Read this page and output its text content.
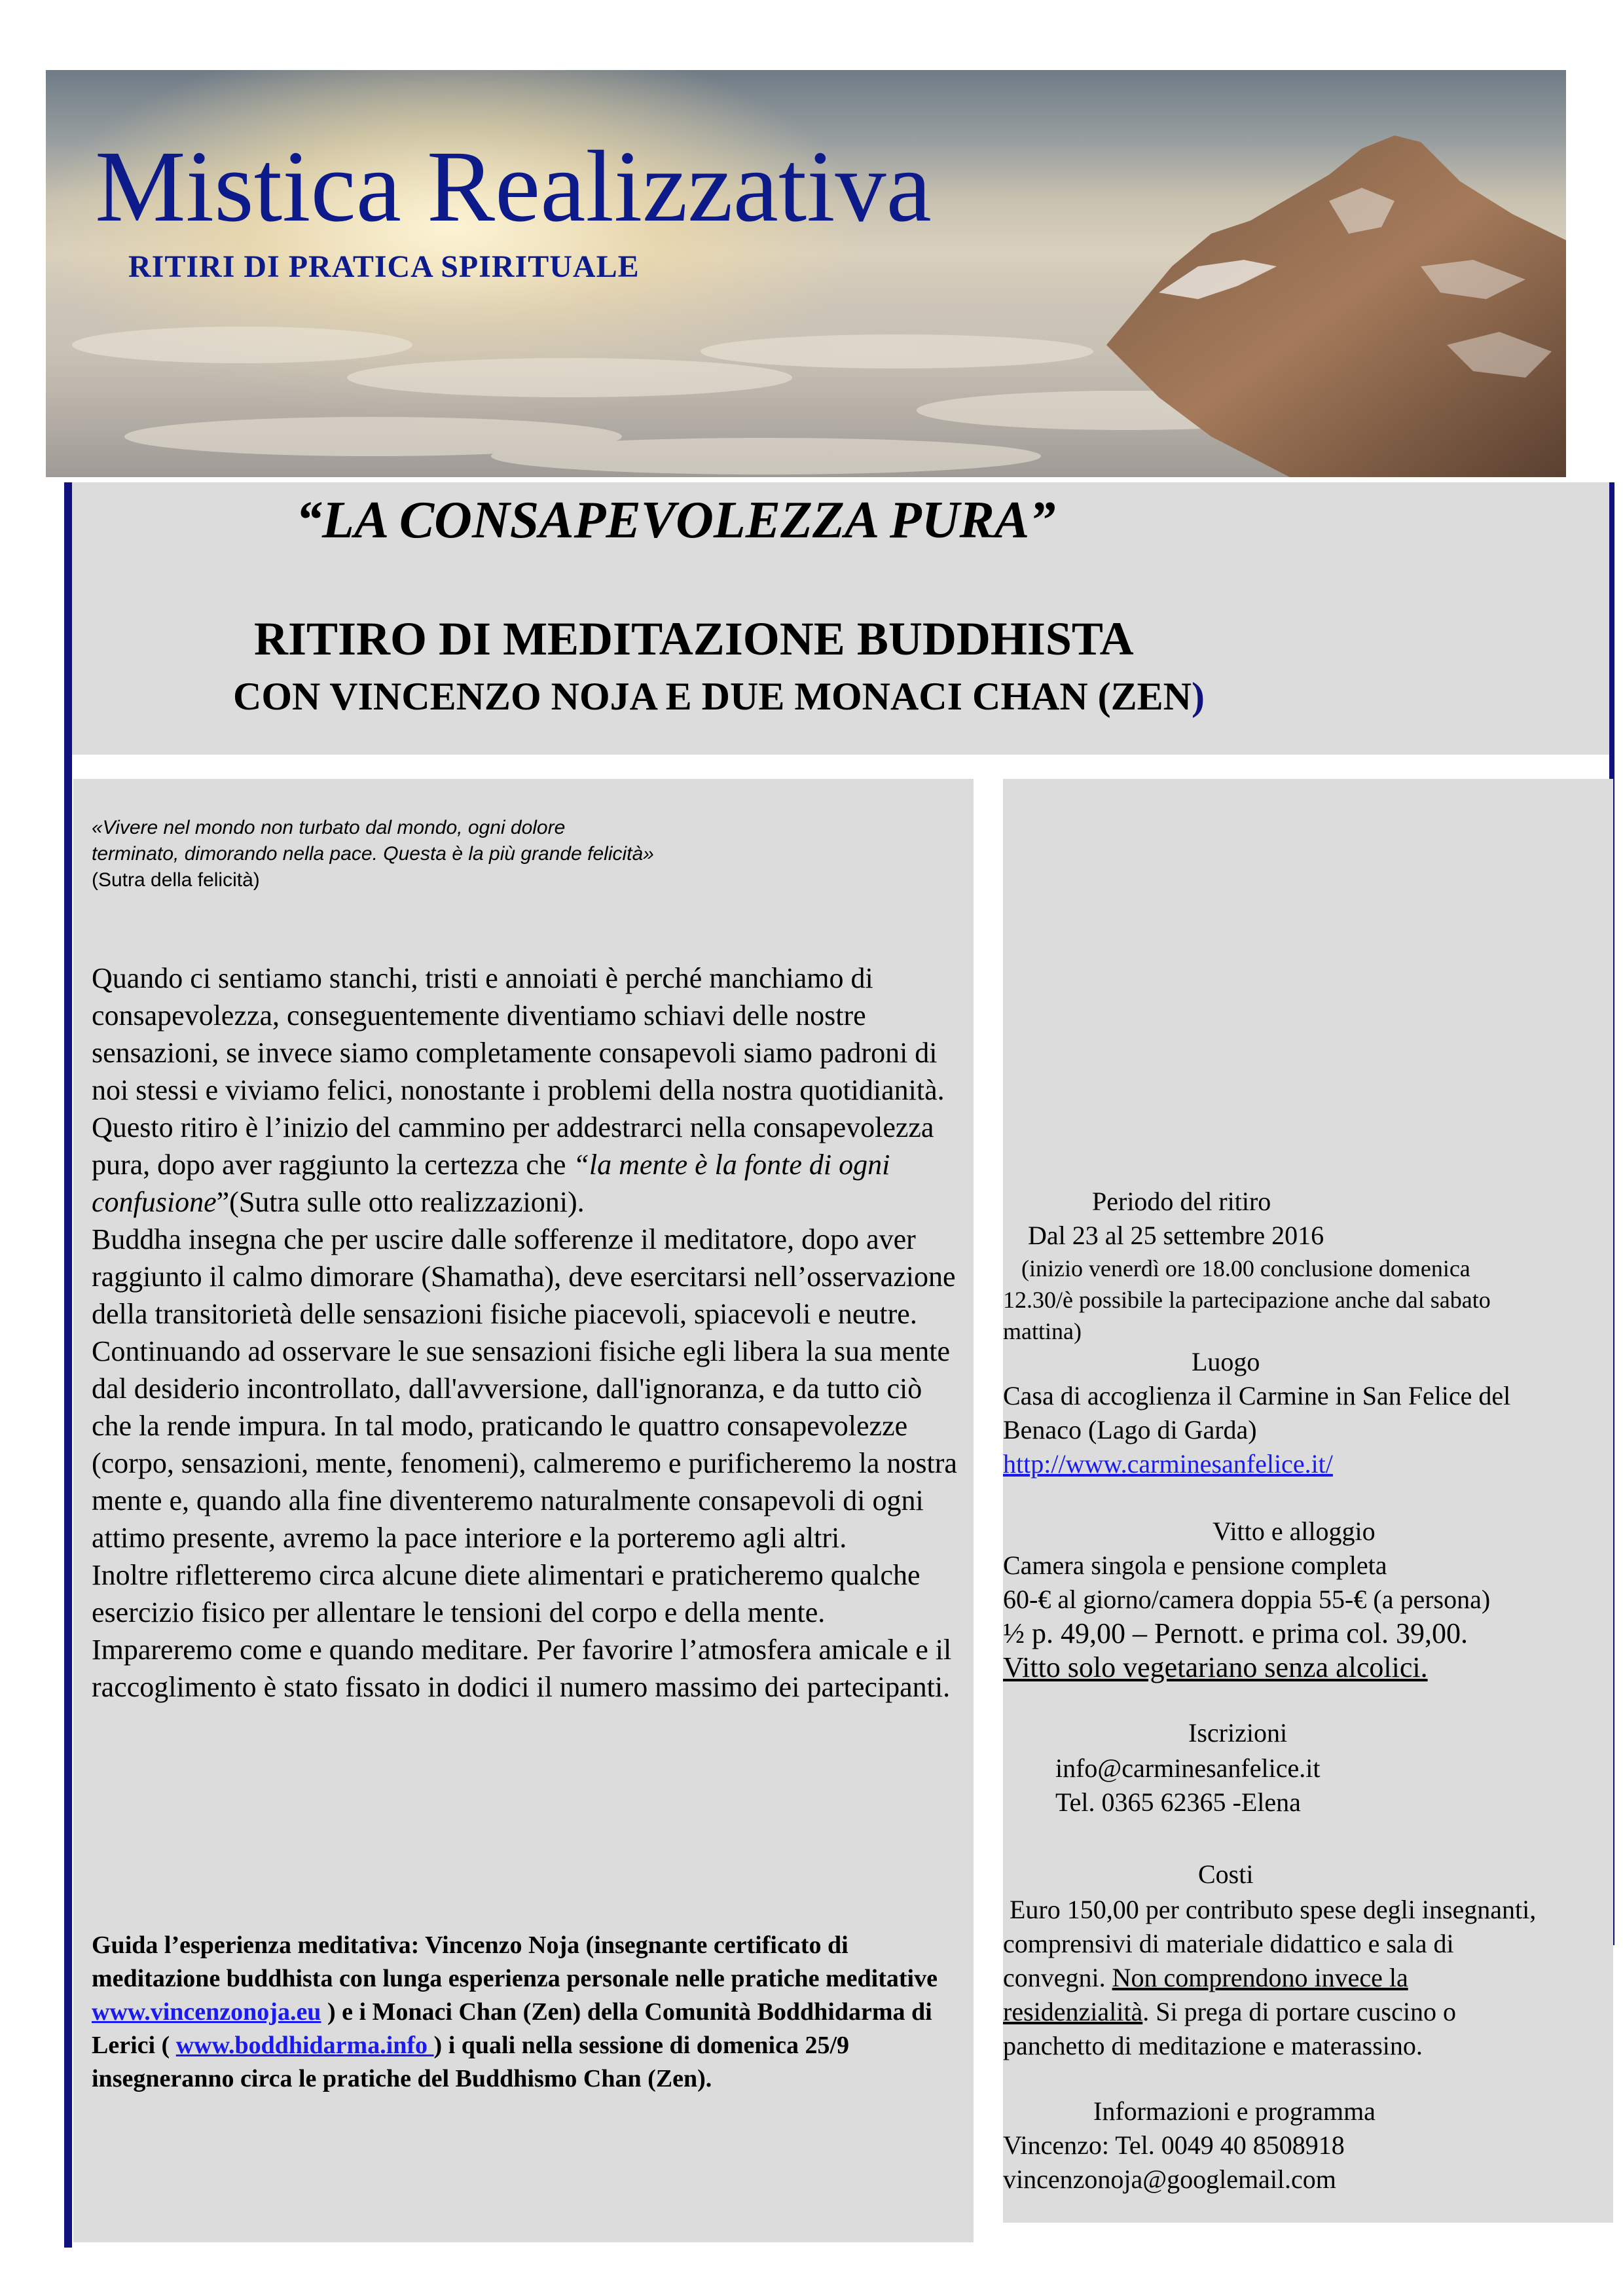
Mistica Realizzativa
RITIRI DI PRATICA SPIRITUALE
“LA CONSAPEVOLEZZA PURA”
RITIRO DI MEDITAZIONE BUDDHISTA
CON VINCENZO NOJA E DUE MONACI CHAN (ZEN)
«Vivere nel mondo non turbato dal mondo, ogni dolore
terminato, dimorando nella pace. Questa è la più grande felicità»
(Sutra della felicità)

Quando ci sentiamo stanchi, tristi e annoiati è perché manchiamo di consapevolezza, conseguentemente diventiamo schiavi delle nostre sensazioni, se invece siamo completamente consapevoli siamo padroni di noi stessi e viviamo felici, nonostante i problemi della nostra quotidianità.

Questo ritiro è l’inizio del cammino per addestrarci nella consapevolezza pura, dopo aver raggiunto la certezza che “la mente è la fonte di ogni confusione”(Sutra sulle otto realizzazioni).

Buddha insegna che per uscire dalle sofferenze il meditatore, dopo aver raggiunto il calmo dimorare (Shamatha), deve esercitarsi nell’osservazione della transitorietà delle sensazioni fisiche piacevoli, spiacevoli e neutre. Continuando ad osservare le sue sensazioni fisiche egli libera la sua mente dal desiderio incontrollato, dall'avversione, dall'ignoranza, e da tutto ciò che la rende impura. In tal modo, praticando le quattro consapevolezze (corpo, sensazioni, mente, fenomeni), calmeremo e purificheremo la nostra mente e, quando alla fine diventeremo naturalmente consapevoli di ogni attimo presente, avremo la pace interiore e la porteremo agli altri.

Inoltre rifletteremo circa alcune diete alimentari e praticheremo qualche esercizio fisico per allentare le tensioni del corpo e della mente. Impareremo come e quando meditare. Per favorire l’atmosfera amicale e il raccoglimento è stato fissato in dodici il numero massimo dei partecipanti.

Guida l’esperienza meditativa: Vincenzo Noja (insegnante certificato di meditazione buddhista con lunga esperienza personale nelle pratiche meditative www.vincenzonoja.eu ) e i Monaci Chan (Zen) della Comunità Boddhidarma di Lerici ( www.boddhidarma.info ) i quali nella sessione di domenica 25/9 insegneranno circa le pratiche del Buddhismo Chan (Zen).
Periodo del ritiro
Dal 23 al 25 settembre 2016
(inizio venerdì ore 18.00 conclusione domenica
12.30/è possibile la partecipazione anche dal sabato
mattina)
Luogo
Casa di accoglienza il Carmine in San Felice del
Benaco (Lago di Garda)
http://www.carminesanfelice.it/
Vitto e alloggio
Camera singola e pensione completa
60-€ al giorno/camera doppia 55-€ (a persona)
½ p. 49,00 – Pernott. e prima col. 39,00.
Vitto solo vegetariano senza alcolici.
Iscrizioni
info@carminesanfelice.it
Tel. 0365 62365 -Elena
Costi
Euro 150,00 per contributo spese degli insegnanti,
comprensivi di materiale didattico e sala di
convegni. Non comprendono invece la
residenzialità. Si prega di portare cuscino o
panchetto di meditazione e materassino.
Informazioni e programma
Vincenzo: Tel. 0049 40 8508918
vincenzonoja@googlemail.com
